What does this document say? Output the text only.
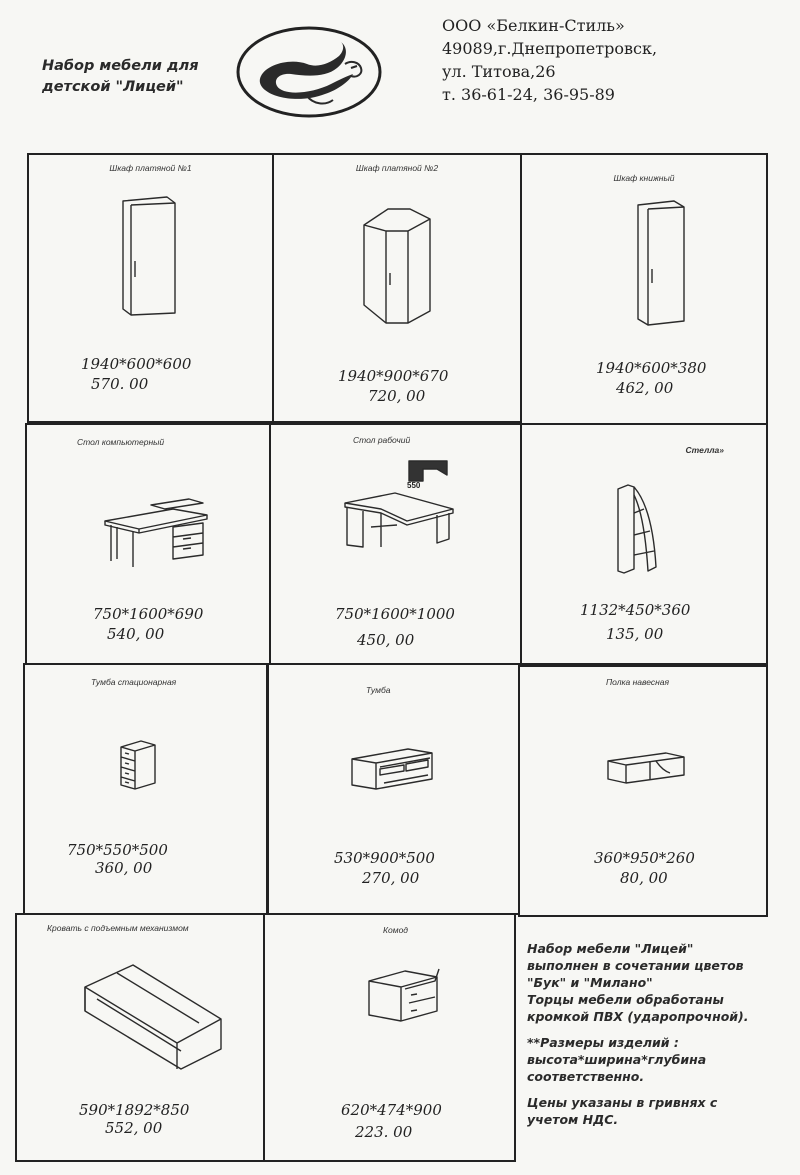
Набор мебели для
детской "Лицей"
ООО «Белкин-Стиль»
49089,г.Днепропетровск,
ул. Титова,26
т. 36-61-24, 36-95-89
Шкаф платяной №1
1940*600*600
570. 00
Шкаф платяной №2
1940*900*670
720, 00
Шкаф книжный
1940*600*380
462, 00
Стол компьютерный
750*1600*690
540, 00
Стол рабочий
550
750*1600*1000
450, 00
Стелла»
1132*450*360
135, 00
Тумба стационарная
750*550*500
360, 00
Тумба
530*900*500
270, 00
Полка навесная
360*950*260
80, 00
Кровать с подъемным механизмом
590*1892*850
552, 00
Комод
620*474*900
223. 00

Набор мебели "Лицей"
выполнен в сочетании цветов
"Бук" и "Милано"
Торцы мебели обработаны
кромкой ПВХ (ударопрочной).

**Размеры изделий :
высота*ширина*глубина
соответственно.

Цены указаны в гривнях с
учетом НДС.
